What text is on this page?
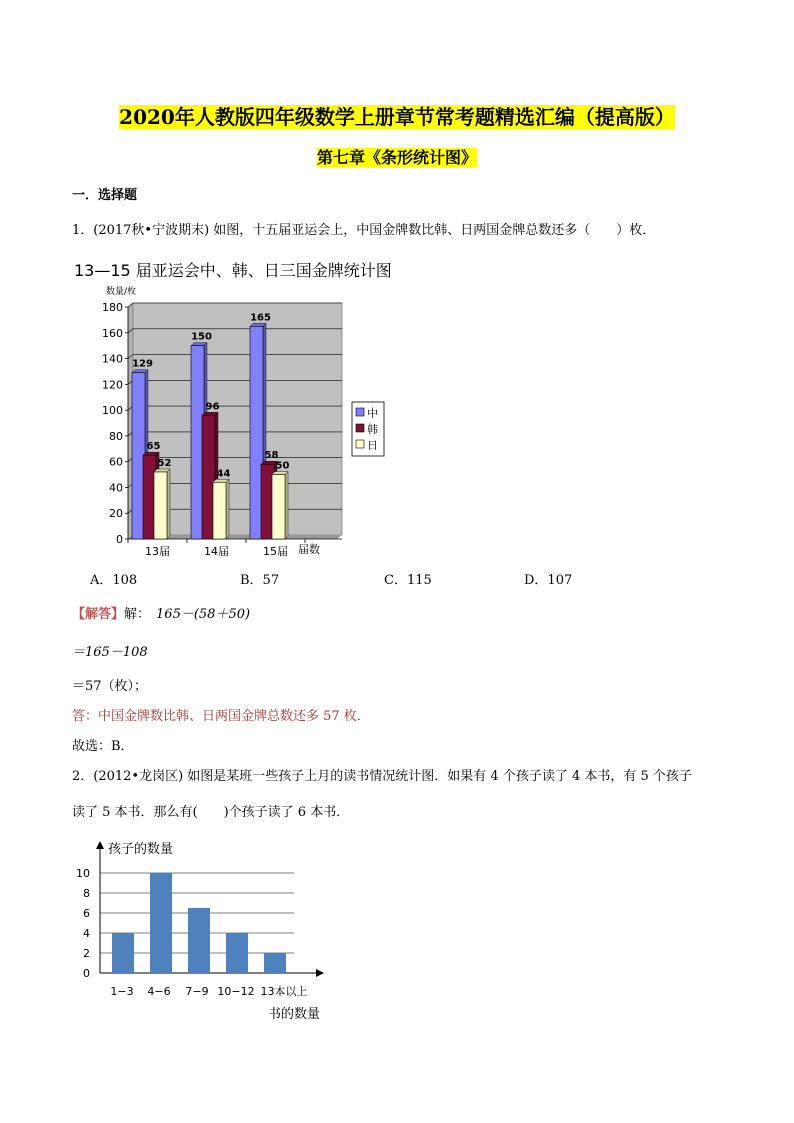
2020年人教版四年级数学上册章节常考题精选汇编（提高版）
第七章《条形统计图》
一．选择题
1．(2017秋•宁波期末) 如图，十五届亚运会上，中国金牌数比韩、日两国金牌总数还多（　　）枚．
13—15 届亚运会中、韩、日三国金牌统计图
数量/枚
0
20
40
60
80
100
120
140
160
180
13届	14届	15届
129
150
165
65
96
58
52
44
50
中
韩
日
届数
A．108	B．57	C．115	D．107
【解答】解： 165－(58＋50)
＝165－108
＝57（枚）；
答：中国金牌数比韩、日两国金牌总数还多 57 枚．
故选：B．
2．(2012•龙岗区) 如图是某班一些孩子上月的读书情况统计图．如果有 4 个孩子读了 4 本书，有 5 个孩子
读了 5 本书．那么有(　　)个孩子读了 6 本书．
孩子的数量
0
2
4
6
8
10
1−3 4−6 7−9 10−12 13本以上
书的数量
